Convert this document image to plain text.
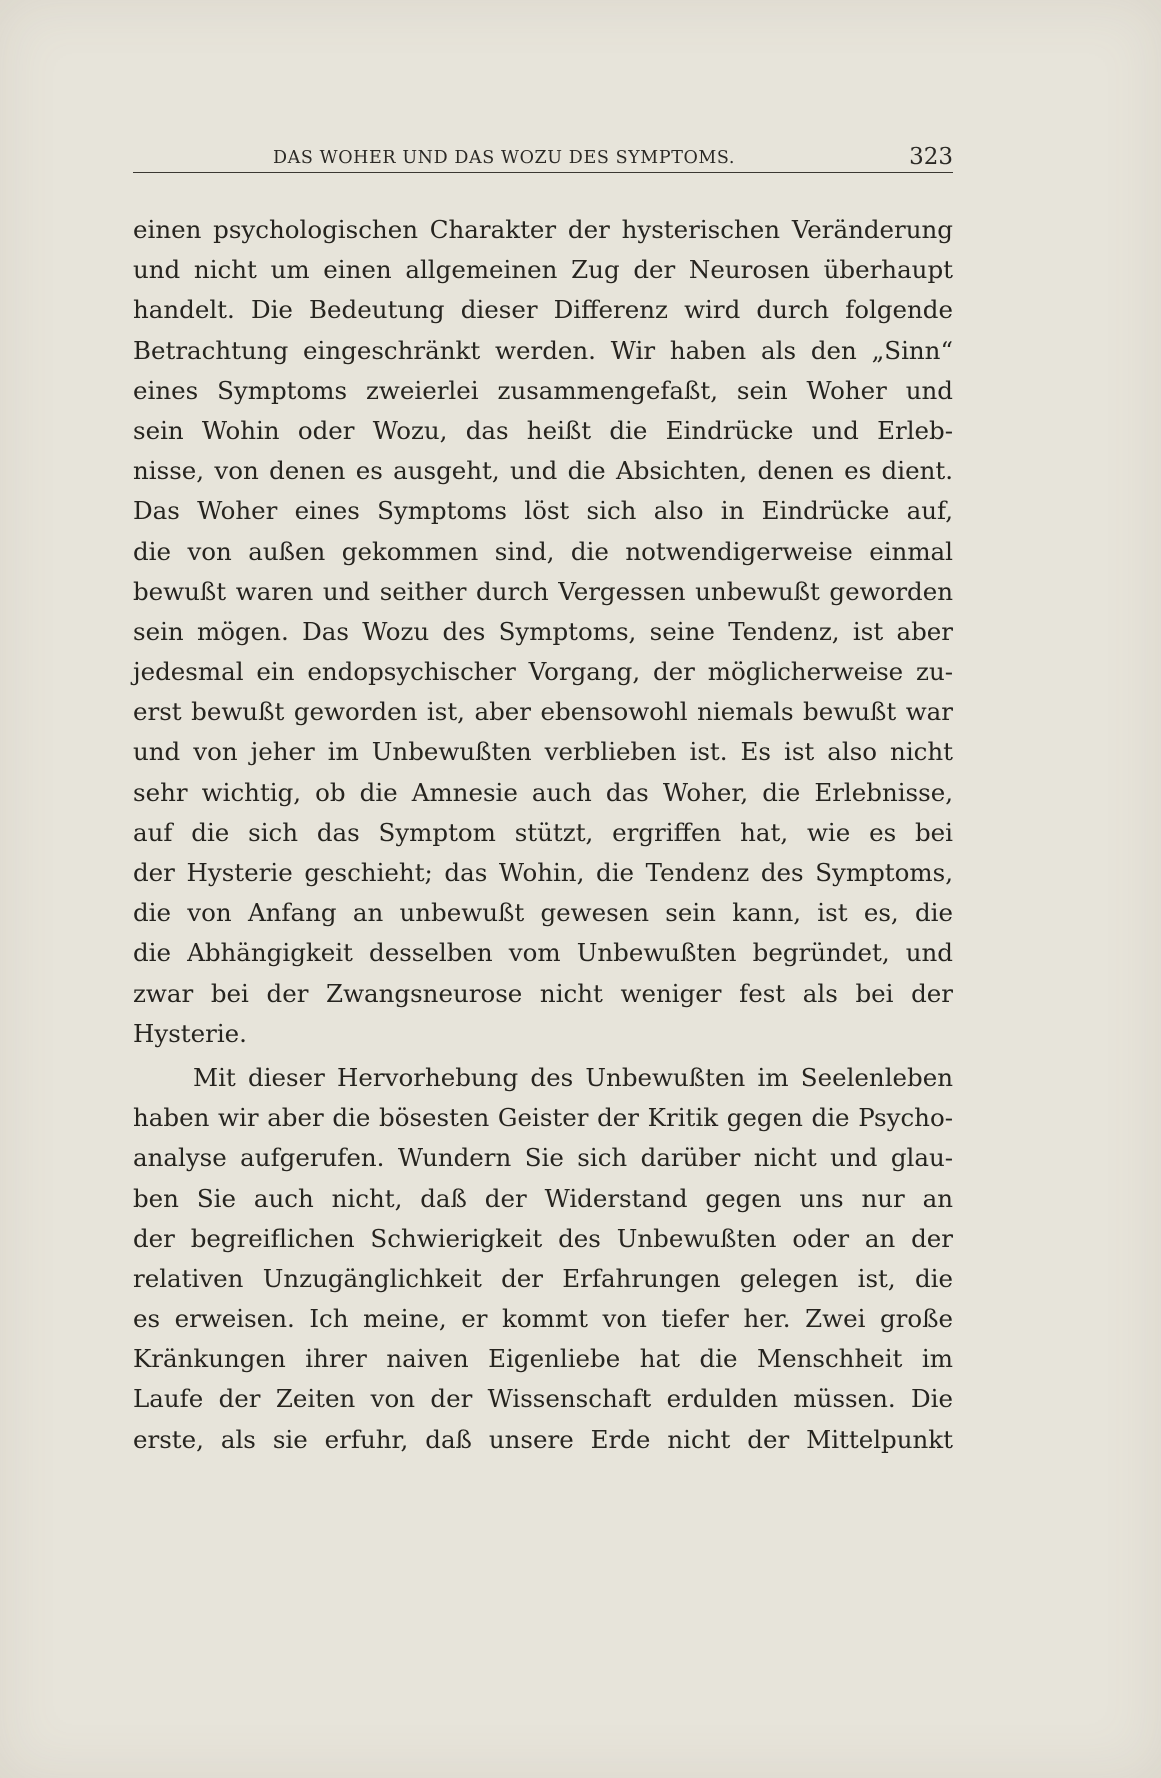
DAS WOHER UND DAS WOZU DES SYMPTOMS.	323
einen psychologischen Charakter der hysterischen Veränderung
und nicht um einen allgemeinen Zug der Neurosen überhaupt
handelt. Die Bedeutung dieser Differenz wird durch folgende
Betrachtung eingeschränkt werden. Wir haben als den „Sinn“
eines Symptoms zweierlei zusammengefaßt, sein Woher und
sein Wohin oder Wozu, das heißt die Eindrücke und Erleb-
nisse, von denen es ausgeht, und die Absichten, denen es dient.
Das Woher eines Symptoms löst sich also in Eindrücke auf,
die von außen gekommen sind, die notwendigerweise einmal
bewußt waren und seither durch Vergessen unbewußt geworden
sein mögen. Das Wozu des Symptoms, seine Tendenz, ist aber
jedesmal ein endopsychischer Vorgang, der möglicherweise zu-
erst bewußt geworden ist, aber ebensowohl niemals bewußt war
und von jeher im Unbewußten verblieben ist. Es ist also nicht
sehr wichtig, ob die Amnesie auch das Woher, die Erlebnisse,
auf die sich das Symptom stützt, ergriffen hat, wie es bei
der Hysterie geschieht; das Wohin, die Tendenz des Symptoms,
die von Anfang an unbewußt gewesen sein kann, ist es, die
die Abhängigkeit desselben vom Unbewußten begründet, und
zwar bei der Zwangsneurose nicht weniger fest als bei der
Hysterie.
Mit dieser Hervorhebung des Unbewußten im Seelenleben
haben wir aber die bösesten Geister der Kritik gegen die Psycho-
analyse aufgerufen. Wundern Sie sich darüber nicht und glau-
ben Sie auch nicht, daß der Widerstand gegen uns nur an
der begreiflichen Schwierigkeit des Unbewußten oder an der
relativen Unzugänglichkeit der Erfahrungen gelegen ist, die
es erweisen. Ich meine, er kommt von tiefer her. Zwei große
Kränkungen ihrer naiven Eigenliebe hat die Menschheit im
Laufe der Zeiten von der Wissenschaft erdulden müssen. Die
erste, als sie erfuhr, daß unsere Erde nicht der Mittelpunkt
